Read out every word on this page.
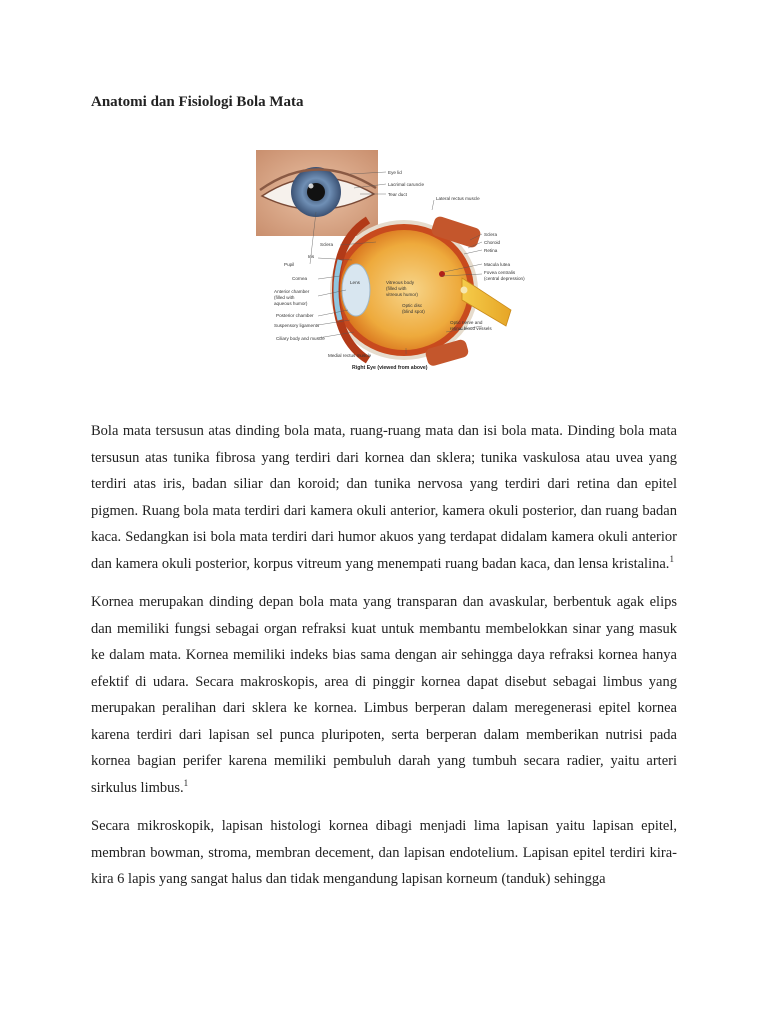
Anatomi dan Fisiologi Bola Mata
Eye lid
Lacrimal caruncle
Tear duct
Lateral rectus muscle
Sclera
Choroid
Retina
Macula lutea
Fovea centralis
(central depression)
Sclera
Iris
Pupil
Cornea
Lens
Anterior chamber
(filled with
aqueous humor)
Posterior chamber
Suspensory ligaments
Ciliary body and muscle
Vitreous body
(filled with
vitreous humor)
Optic disc
(blind spot)
Optic nerve and
retinal blood vessels
Medial rectus muscle
Right Eye (viewed from above)

Bola mata tersusun atas dinding bola mata, ruang-ruang mata dan isi bola mata. Dinding bola mata tersusun atas tunika fibrosa yang terdiri dari kornea dan sklera; tunika vaskulosa atau uvea yang terdiri atas iris, badan siliar dan koroid; dan tunika nervosa yang terdiri dari retina dan epitel pigmen. Ruang bola mata terdiri dari kamera okuli anterior, kamera okuli posterior, dan ruang badan kaca. Sedangkan isi bola mata terdiri dari humor akuos yang terdapat didalam kamera okuli anterior dan kamera okuli posterior, korpus vitreum yang menempati ruang badan kaca, dan lensa kristalina.$^1$

Kornea merupakan dinding depan bola mata yang transparan dan avaskular, berbentuk agak elips dan memiliki fungsi sebagai organ refraksi kuat untuk membantu membelokkan sinar yang masuk ke dalam mata. Kornea memiliki indeks bias sama dengan air sehingga daya refraksi kornea hanya efektif di udara. Secara makroskopis, area di pinggir kornea dapat disebut sebagai limbus yang merupakan peralihan dari sklera ke kornea. Limbus berperan dalam meregenerasi epitel kornea karena terdiri dari lapisan sel punca pluripoten, serta berperan dalam memberikan nutrisi pada kornea bagian perifer karena memiliki pembuluh darah yang tumbuh secara radier, yaitu arteri sirkulus limbus.$^1$

Secara mikroskopik, lapisan histologi kornea dibagi menjadi lima lapisan yaitu lapisan epitel, membran bowman, stroma, membran decement, dan lapisan endotelium. Lapisan epitel terdiri kira-kira 6 lapis yang sangat halus dan tidak mengandung lapisan korneum (tanduk) sehingga
